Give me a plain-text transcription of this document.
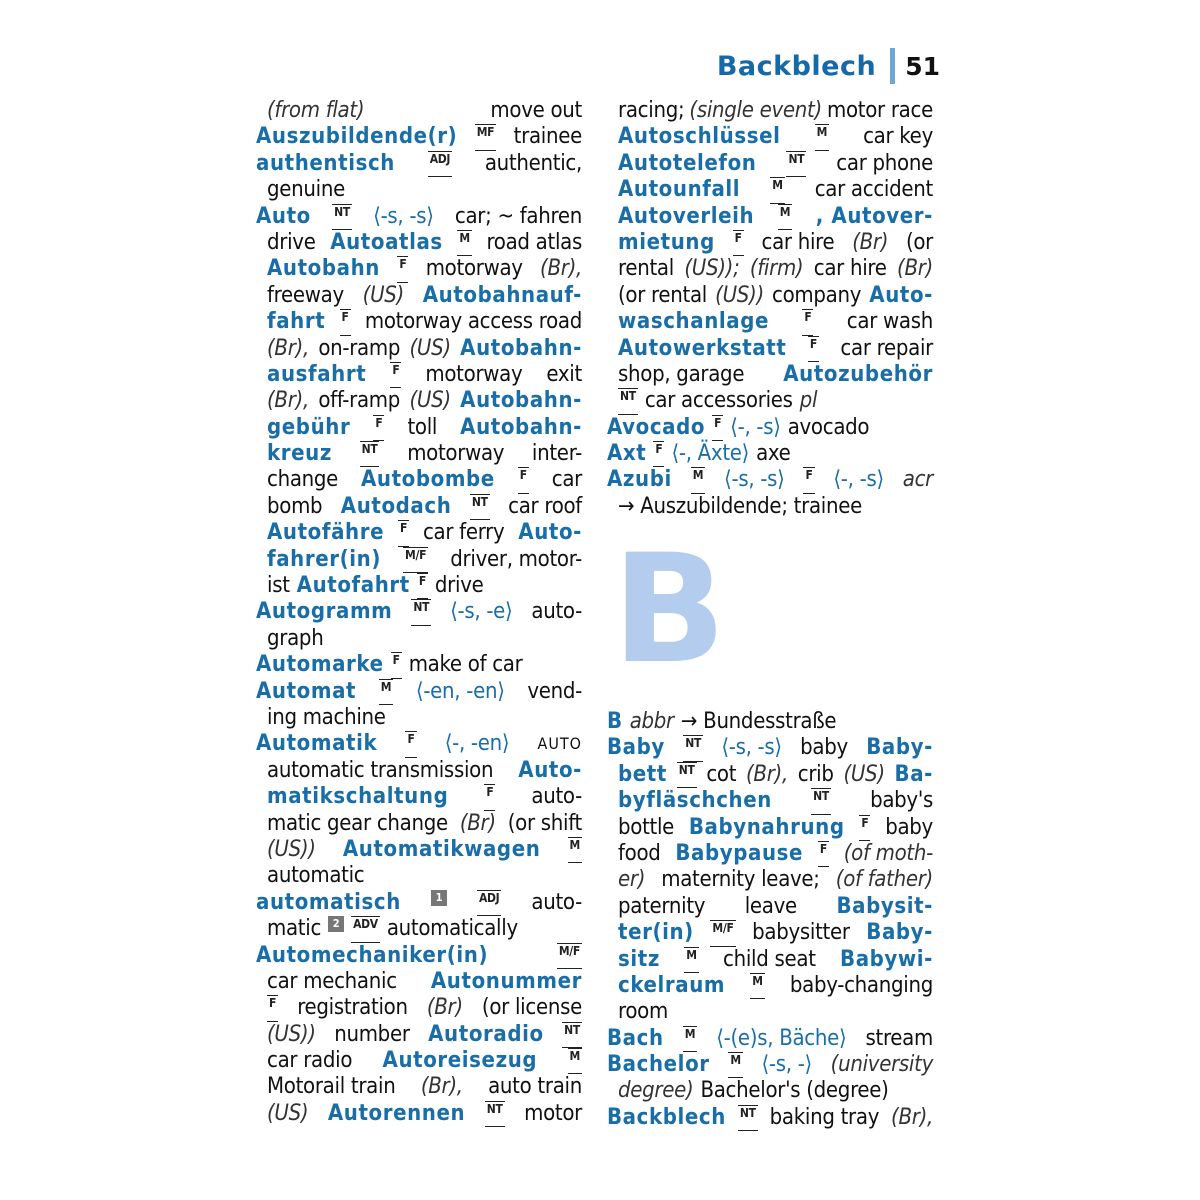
Backblech 51
(from flat)	move out
Auszubildende(r) MF trainee
authentisch	ADJ authentic,
genuine
Auto NT ⟨-s, -s⟩ car; ~ fahren
drive Autoatlas M road atlas
Autobahn F motorway (Br),
freeway (US) Autobahnauf-
fahrt F motorway access road
(Br), on-ramp (US) Autobahn-
ausfahrt F motorway exit
(Br), off-ramp (US) Autobahn-
gebühr F toll Autobahn-
kreuz NT motorway inter-
change Autobombe F car
bomb Autodach NT car roof
Autofähre F car ferry Auto-
fahrer(in) M/F driver, motor-
ist Autofahrt F drive
Autogramm NT ⟨-s, -e⟩ auto-
graph
Automarke F make of car
Automat M ⟨-en, -en⟩ vend-
ing machine
Automatik	F ⟨-, -en⟩ AUTO
automatic transmission Auto-
matikschaltung	F auto-
matic gear change (Br) (or shift
(US)) Automatikwagen M
automatic
automatisch	1	ADJ auto-
matic	2	ADV automatically
Automechaniker(in)	M/F
car mechanic Autonummer
F registration (Br) (or license
(US)) number Autoradio NT
car radio Autoreisezug	M
Motorail train (Br), auto train
(US) Autorennen NT motor
racing; (single event) motor race
Autoschlüssel	M car key
Autotelefon	NT car phone
Autounfall	M car accident
Autoverleih M , Autover-
mietung F car hire (Br) (or
rental (US)); (firm) car hire (Br)
(or rental (US)) company Auto-
waschanlage	F car wash
Autowerkstatt F car repair
shop, garage Autozubehör
NT car accessories pl
Avocado F ⟨-, -s⟩ avocado
Axt F ⟨-, Äxte⟩ axe
Azubi M ⟨-s, -s⟩ F ⟨-, -s⟩ acr
→ Auszubildende; trainee
B
B abbr → Bundesstraße
Baby NT ⟨-s, -s⟩ baby Baby-
bett NT cot (Br), crib (US) Ba-
byfläschchen	NT baby's
bottle Babynahrung F baby
food Babypause F (of moth-
er) maternity leave; (of father)
paternity leave Babysit-
ter(in) M/F babysitter Baby-
sitz M child seat Babywi-
ckelraum M baby-changing
room
Bach M ⟨-(e)s, Bäche⟩ stream
Bachelor M ⟨-s, -⟩ (university
degree) Bachelor's (degree)
Backblech NT baking tray (Br),
